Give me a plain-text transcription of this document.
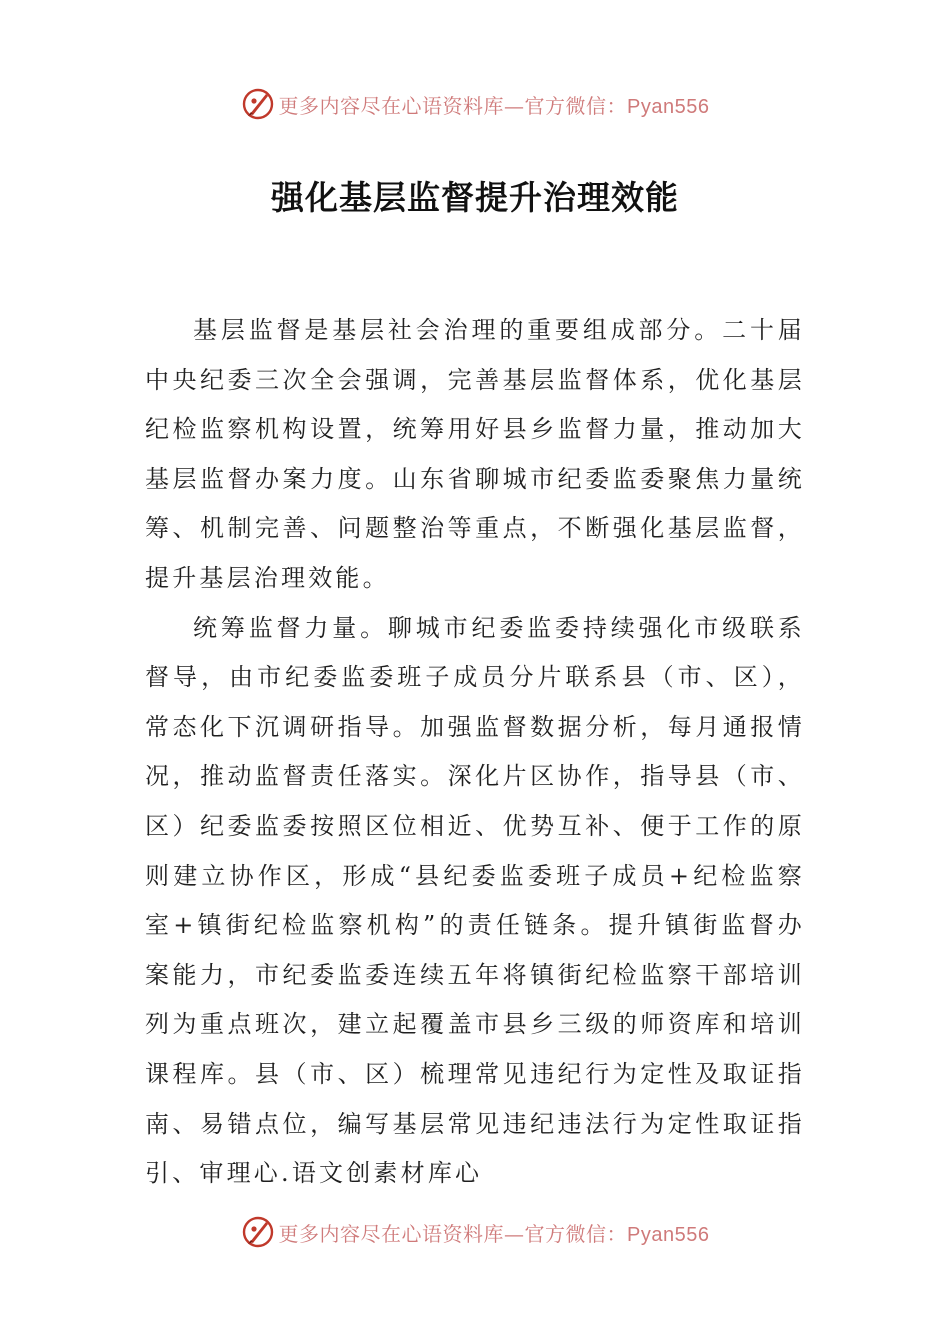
更多内容尽在心语资料库—官方微信：Pyan556
强化基层监督提升治理效能

基层监督是基层社会治理的重要组成部分。二十届中央纪委三次全会强调，完善基层监督体系，优化基层纪检监察机构设置，统筹用好县乡监督力量，推动加大基层监督办案力度。山东省聊城市纪委监委聚焦力量统筹、机制完善、问题整治等重点，不断强化基层监督，提升基层治理效能。

统筹监督力量。聊城市纪委监委持续强化市级联系督导，由市纪委监委班子成员分片联系县（市、区），常态化下沉调研指导。加强监督数据分析，每月通报情况，推动监督责任落实。深化片区协作，指导县（市、区）纪委监委按照区位相近、优势互补、便于工作的原则建立协作区，形成“县纪委监委班子成员+纪检监察室+镇街纪检监察机构”的责任链条。提升镇街监督办案能力，市纪委监委连续五年将镇街纪检监察干部培训列为重点班次，建立起覆盖市县乡三级的师资库和培训课程库。县（市、区）梳理常见违纪行为定性及取证指南、易错点位，编写基层常见违纪违法行为定性取证指引、审理心.语文创素材库心

更多内容尽在心语资料库—官方微信：Pyan556
